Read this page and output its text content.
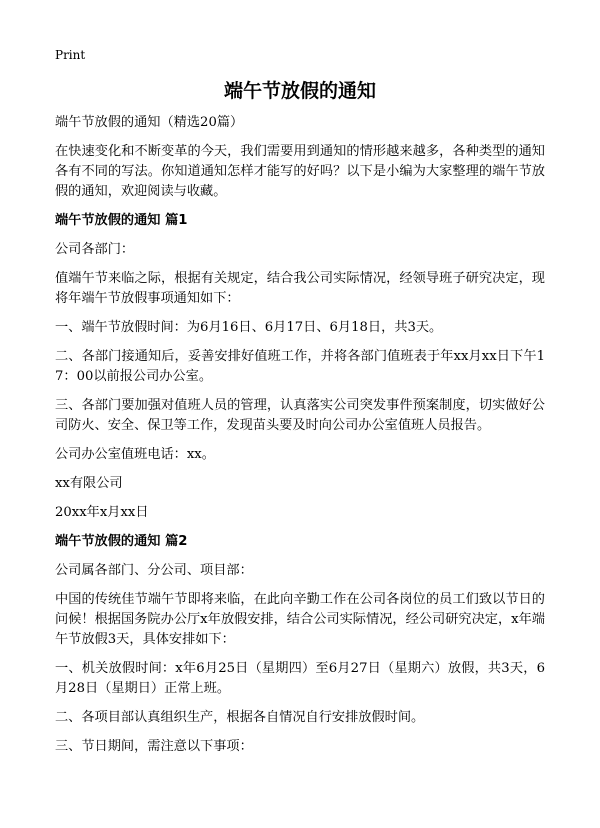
Print
端午节放假的通知

端午节放假的通知（精选20篇）

在快速变化和不断变革的今天，我们需要用到通知的情形越来越多，各种类型的通知各有不同的写法。你知道通知怎样才能写的好吗？以下是小编为大家整理的端午节放假的通知，欢迎阅读与收藏。

端午节放假的通知 篇1

公司各部门：

值端午节来临之际，根据有关规定，结合我公司实际情况，经领导班子研究决定，现将年端午节放假事项通知如下：

一、端午节放假时间：为6月16日、6月17日、6月18日，共3天。

二、各部门接通知后，妥善安排好值班工作，并将各部门值班表于年xx月xx日下午17：00以前报公司办公室。

三、各部门要加强对值班人员的管理，认真落实公司突发事件预案制度，切实做好公司防火、安全、保卫等工作，发现苗头要及时向公司办公室值班人员报告。

公司办公室值班电话：xx。

xx有限公司

20xx年x月xx日

端午节放假的通知 篇2

公司属各部门、分公司、项目部：

中国的传统佳节端午节即将来临，在此向辛勤工作在公司各岗位的员工们致以节日的问候！根据国务院办公厅x年放假安排，结合公司实际情况，经公司研究决定，x年端午节放假3天，具体安排如下：

一、机关放假时间：x年6月25日（星期四）至6月27日（星期六）放假，共3天，6月28日（星期日）正常上班。

二、各项目部认真组织生产，根据各自情况自行安排放假时间。

三、节日期间，需注意以下事项：
